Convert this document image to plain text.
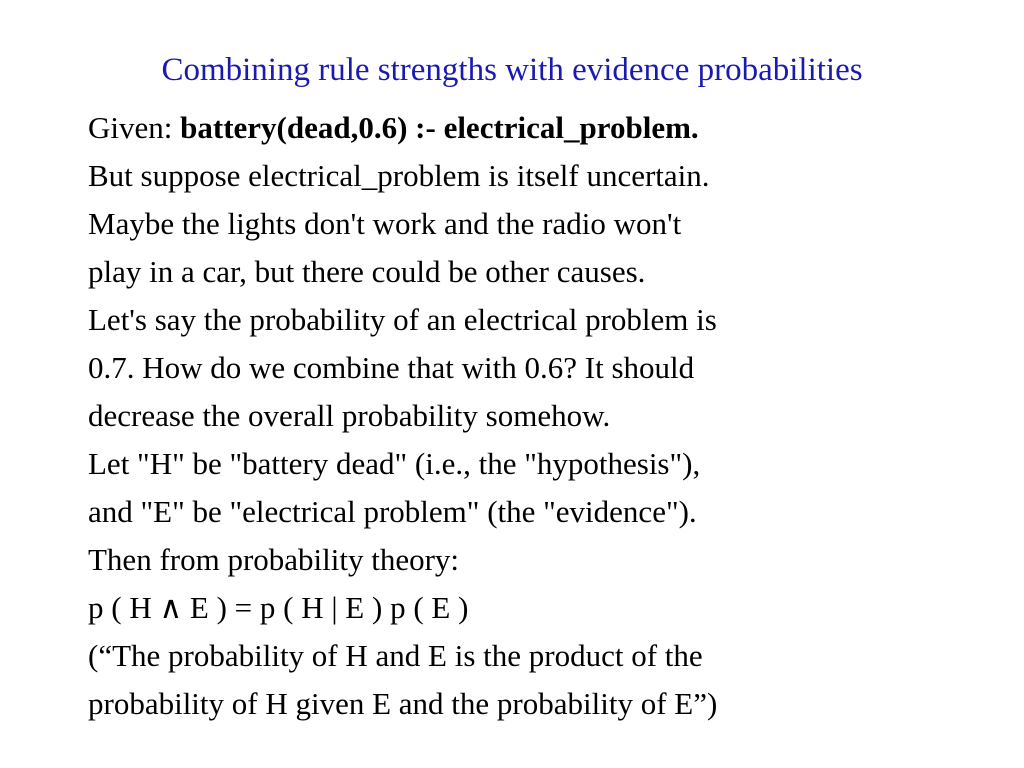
Combining rule strengths with evidence probabilities

Given: battery(dead,0.6) :- electrical_problem.

But suppose electrical_problem is itself uncertain.
Maybe the lights don't work and the radio won't
play in a car, but there could be other causes.

Let's say the probability of an electrical problem is
0.7. How do we combine that with 0.6? It should
decrease the overall probability somehow.

Let "H" be "battery dead" (i.e., the "hypothesis"),
and "E" be "electrical problem" (the "evidence").

Then from probability theory:

p ( H ∧ E ) = p ( H | E ) p ( E )

(“The probability of H and E is the product of the
probability of H given E and the probability of E”)
